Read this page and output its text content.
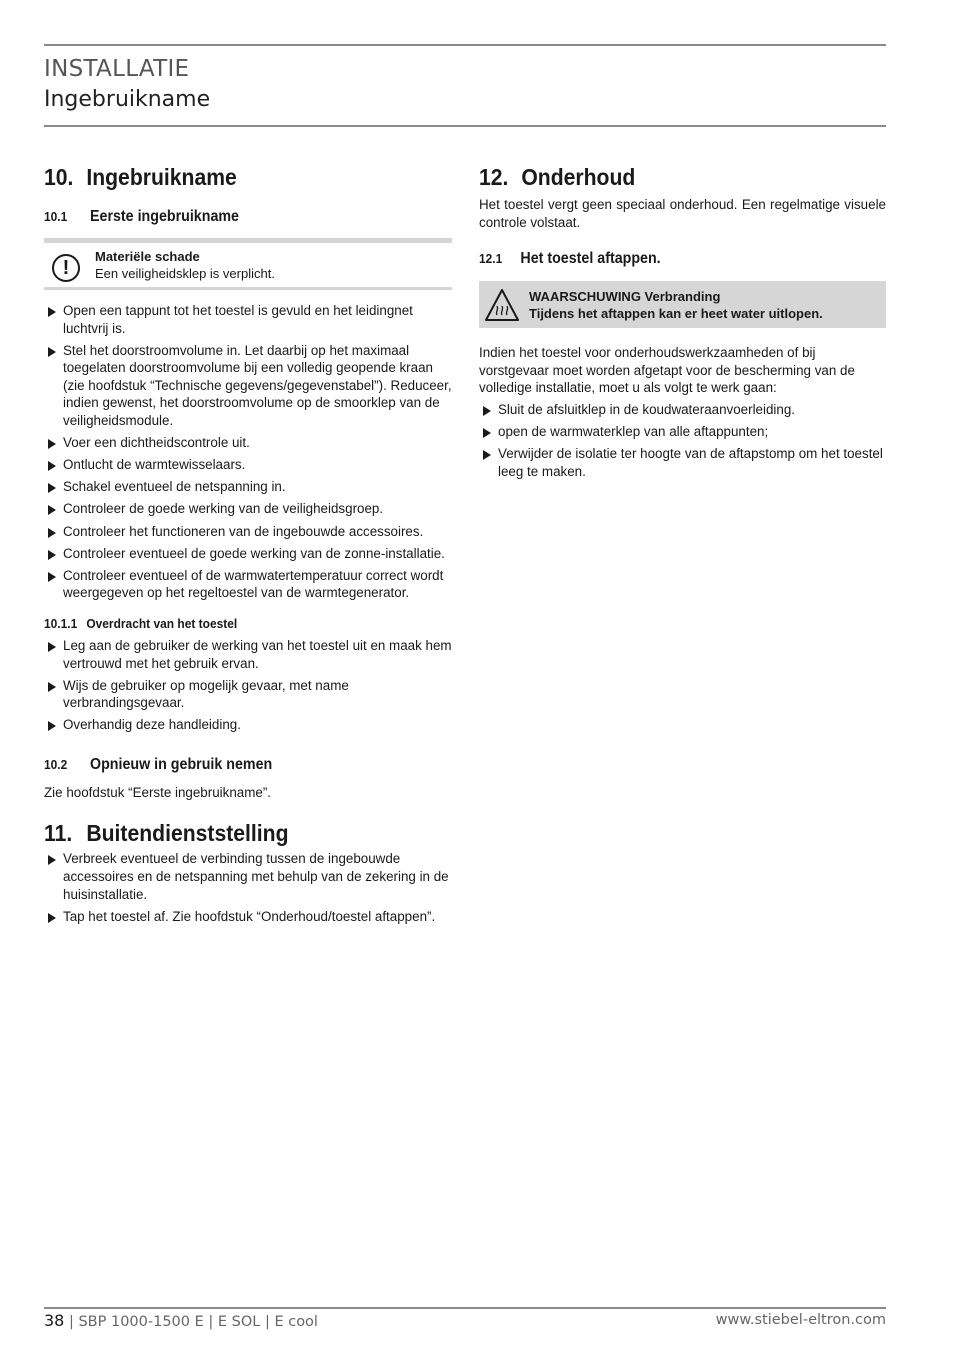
INSTALLATIE
Ingebruikname
10. Ingebruikname
10.1 Eerste ingebruikname
!
Materiële schade
Een veiligheidsklep is verplicht.
Open een tappunt tot het toestel is gevuld en het leidingnet luchtvrij is.
Stel het doorstroomvolume in. Let daarbij op het maximaal toegelaten doorstroomvolume bij een volledig geopende kraan (zie hoofdstuk “Technische gegevens/gegevenstabel”). Reduceer, indien gewenst, het doorstroomvolume op de smoorklep van de veiligheidsmodule.
Voer een dichtheidscontrole uit.
Ontlucht de warmtewisselaars.
Schakel eventueel de netspanning in.
Controleer de goede werking van de veiligheidsgroep.
Controleer het functioneren van de ingebouwde accessoires.
Controleer eventueel de goede werking van de zonne-installatie.
Controleer eventueel of de warmwatertemperatuur correct wordt weergegeven op het regeltoestel van de warmtegenerator.
10.1.1 Overdracht van het toestel
Leg aan de gebruiker de werking van het toestel uit en maak hem vertrouwd met het gebruik ervan.
Wijs de gebruiker op mogelijk gevaar, met name verbrandingsgevaar.
Overhandig deze handleiding.
10.2 Opnieuw in gebruik nemen

Zie hoofdstuk “Eerste ingebruikname”.

11. Buitendienststelling
Verbreek eventueel de verbinding tussen de ingebouwde accessoires en de netspanning met behulp van de zekering in de huisinstallatie.
Tap het toestel af. Zie hoofdstuk “Onderhoud/toestel aftappen”.
12. Onderhoud

Het toestel vergt geen speciaal onderhoud. Een regelmatige visuele controle volstaat.

12.1 Het toestel aftappen.
WAARSCHUWING Verbranding
Tijdens het aftappen kan er heet water uitlopen.

Indien het toestel voor onderhoudswerkzaamheden of bij vorstgevaar moet worden afgetapt voor de bescherming van de volledige installatie, moet u als volgt te werk gaan:

Sluit de afsluitklep in de koudwateraanvoerleiding.
open de warmwaterklep van alle aftappunten;
Verwijder de isolatie ter hoogte van de aftapstomp om het toestel leeg te maken.
38 | SBP 1000-1500 E | E SOL | E cool	www.stiebel-eltron.com
